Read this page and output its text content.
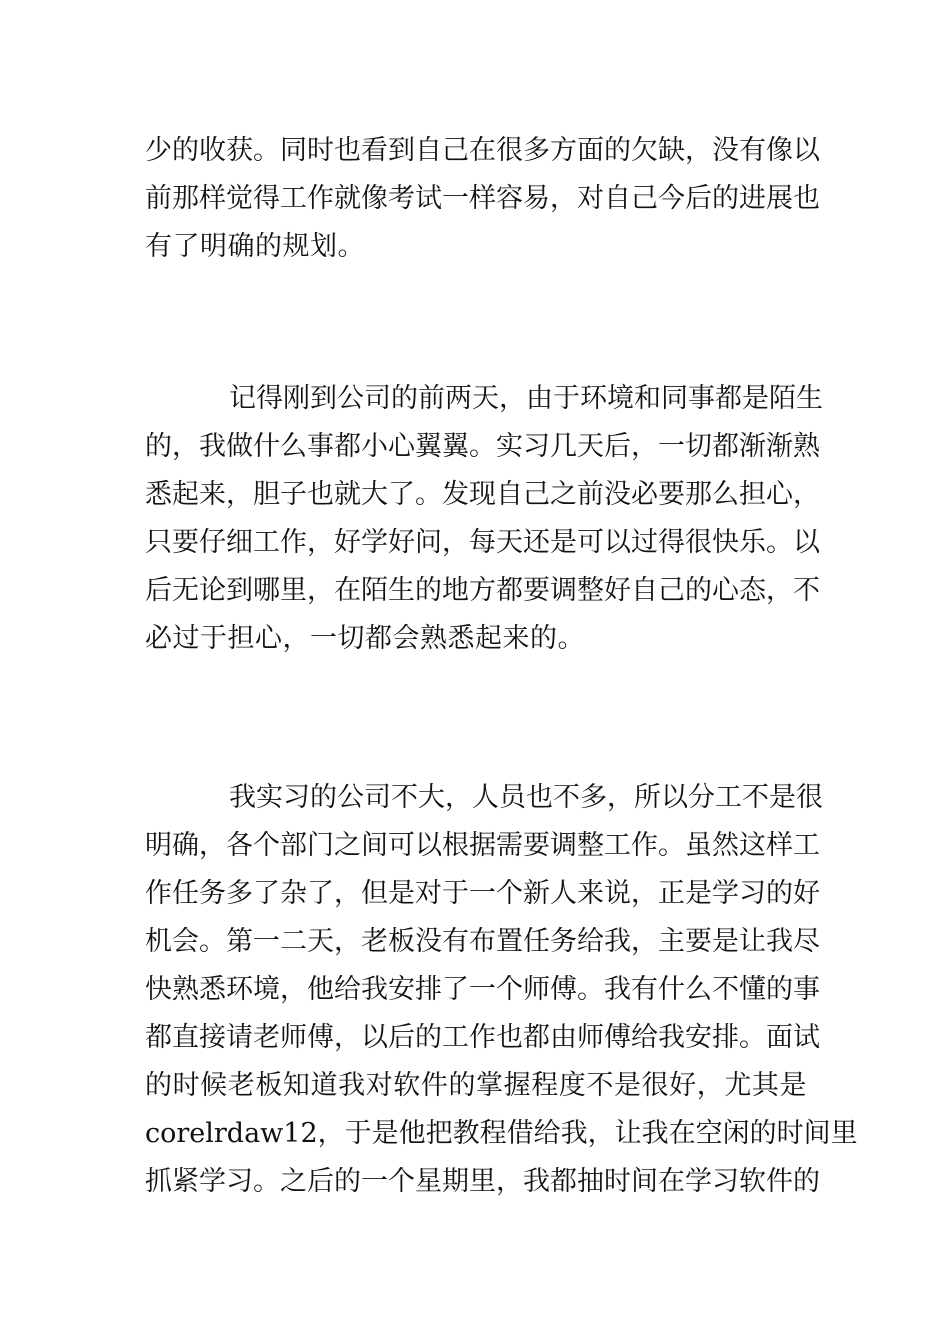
少的收获。同时也看到自己在很多方面的欠缺，没有像以
前那样觉得工作就像考试一样容易，对自己今后的进展也
有了明确的规划。
记得刚到公司的前两天，由于环境和同事都是陌生
的，我做什么事都小心翼翼。实习几天后，一切都渐渐熟
悉起来，胆子也就大了。发现自己之前没必要那么担心，
只要仔细工作，好学好问，每天还是可以过得很快乐。以
后无论到哪里，在陌生的地方都要调整好自己的心态，不
必过于担心，一切都会熟悉起来的。
我实习的公司不大，人员也不多，所以分工不是很
明确，各个部门之间可以根据需要调整工作。虽然这样工
作任务多了杂了，但是对于一个新人来说，正是学习的好
机会。第一二天，老板没有布置任务给我，主要是让我尽
快熟悉环境，他给我安排了一个师傅。我有什么不懂的事
都直接请老师傅，以后的工作也都由师傅给我安排。面试
的时候老板知道我对软件的掌握程度不是很好，尤其是
corelrdaw12，于是他把教程借给我，让我在空闲的时间里
抓紧学习。之后的一个星期里，我都抽时间在学习软件的
